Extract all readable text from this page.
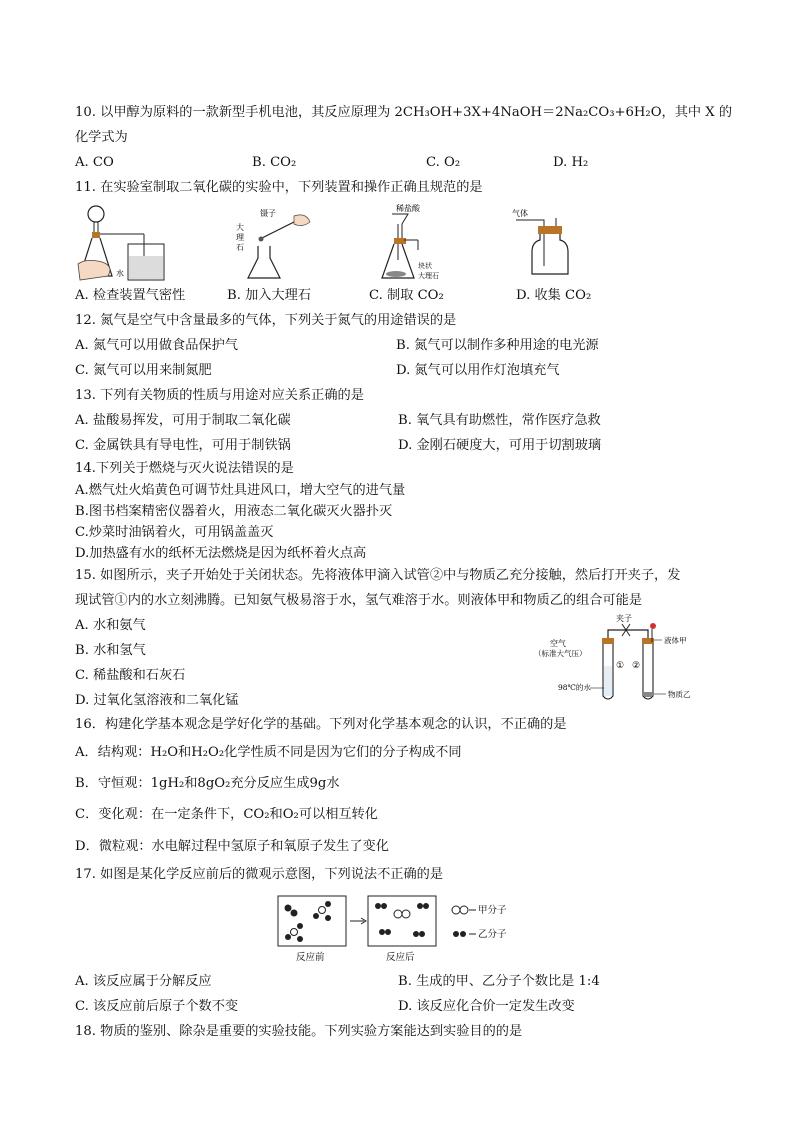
10. 以甲醇为原料的一款新型手机电池，其反应原理为 2CH₃OH+3X+4NaOH＝2Na₂CO₃+6H₂O，其中 X 的
化学式为
A. CO	B. CO₂	C. O₂	D. H₂
11. 在实验室制取二氧化碳的实验中，下列装置和操作正确且规范的是
水
镊子
大
理
石
稀盐酸
块状
大理石
气体
A. 检查装置气密性	B. 加入大理石	C. 制取 CO₂	D. 收集 CO₂
12. 氮气是空气中含量最多的气体，下列关于氮气的用途错误的是
A. 氮气可以用做食品保护气	B. 氮气可以制作多种用途的电光源
C. 氮气可以用来制氮肥	D. 氮气可以用作灯泡填充气
13. 下列有关物质的性质与用途对应关系正确的是
A. 盐酸易挥发，可用于制取二氧化碳	B. 氧气具有助燃性，常作医疗急救
C. 金属铁具有导电性，可用于制铁锅	D. 金刚石硬度大，可用于切割玻璃
14.下列关于燃烧与灭火说法错误的是
A.燃气灶火焰黄色可调节灶具进风口，增大空气的进气量
B.图书档案精密仪器着火，用液态二氧化碳灭火器扑灭
C.炒菜时油锅着火，可用锅盖盖灭
D.加热盛有水的纸杯无法燃烧是因为纸杯着火点高
15. 如图所示，夹子开始处于关闭状态。先将液体甲滴入试管②中与物质乙充分接触，然后打开夹子，发
现试管①内的水立刻沸腾。已知氨气极易溶于水，氢气难溶于水。则液体甲和物质乙的组合可能是
A. 水和氨气
B. 水和氢气
C. 稀盐酸和石灰石
D. 过氧化氢溶液和二氧化锰
夹子
空气
（标准大气压）
① ②
液体甲
98℃的水
物质乙
16．构建化学基本观念是学好化学的基础。下列对化学基本观念的认识，不正确的是
A．结构观：H₂O和H₂O₂化学性质不同是因为它们的分子构成不同
B．守恒观：1gH₂和8gO₂充分反应生成9g水
C．变化观：在一定条件下，CO₂和O₂可以相互转化
D．微粒观：水电解过程中氢原子和氧原子发生了变化
17. 如图是某化学反应前后的微观示意图，下列说法不正确的是
反应前	反应后
甲分子
乙分子
A. 该反应属于分解反应	B. 生成的甲、乙分子个数比是 1:4
C. 该反应前后原子个数不变	D. 该反应化合价一定发生改变
18. 物质的鉴别、除杂是重要的实验技能。下列实验方案能达到实验目的的是
